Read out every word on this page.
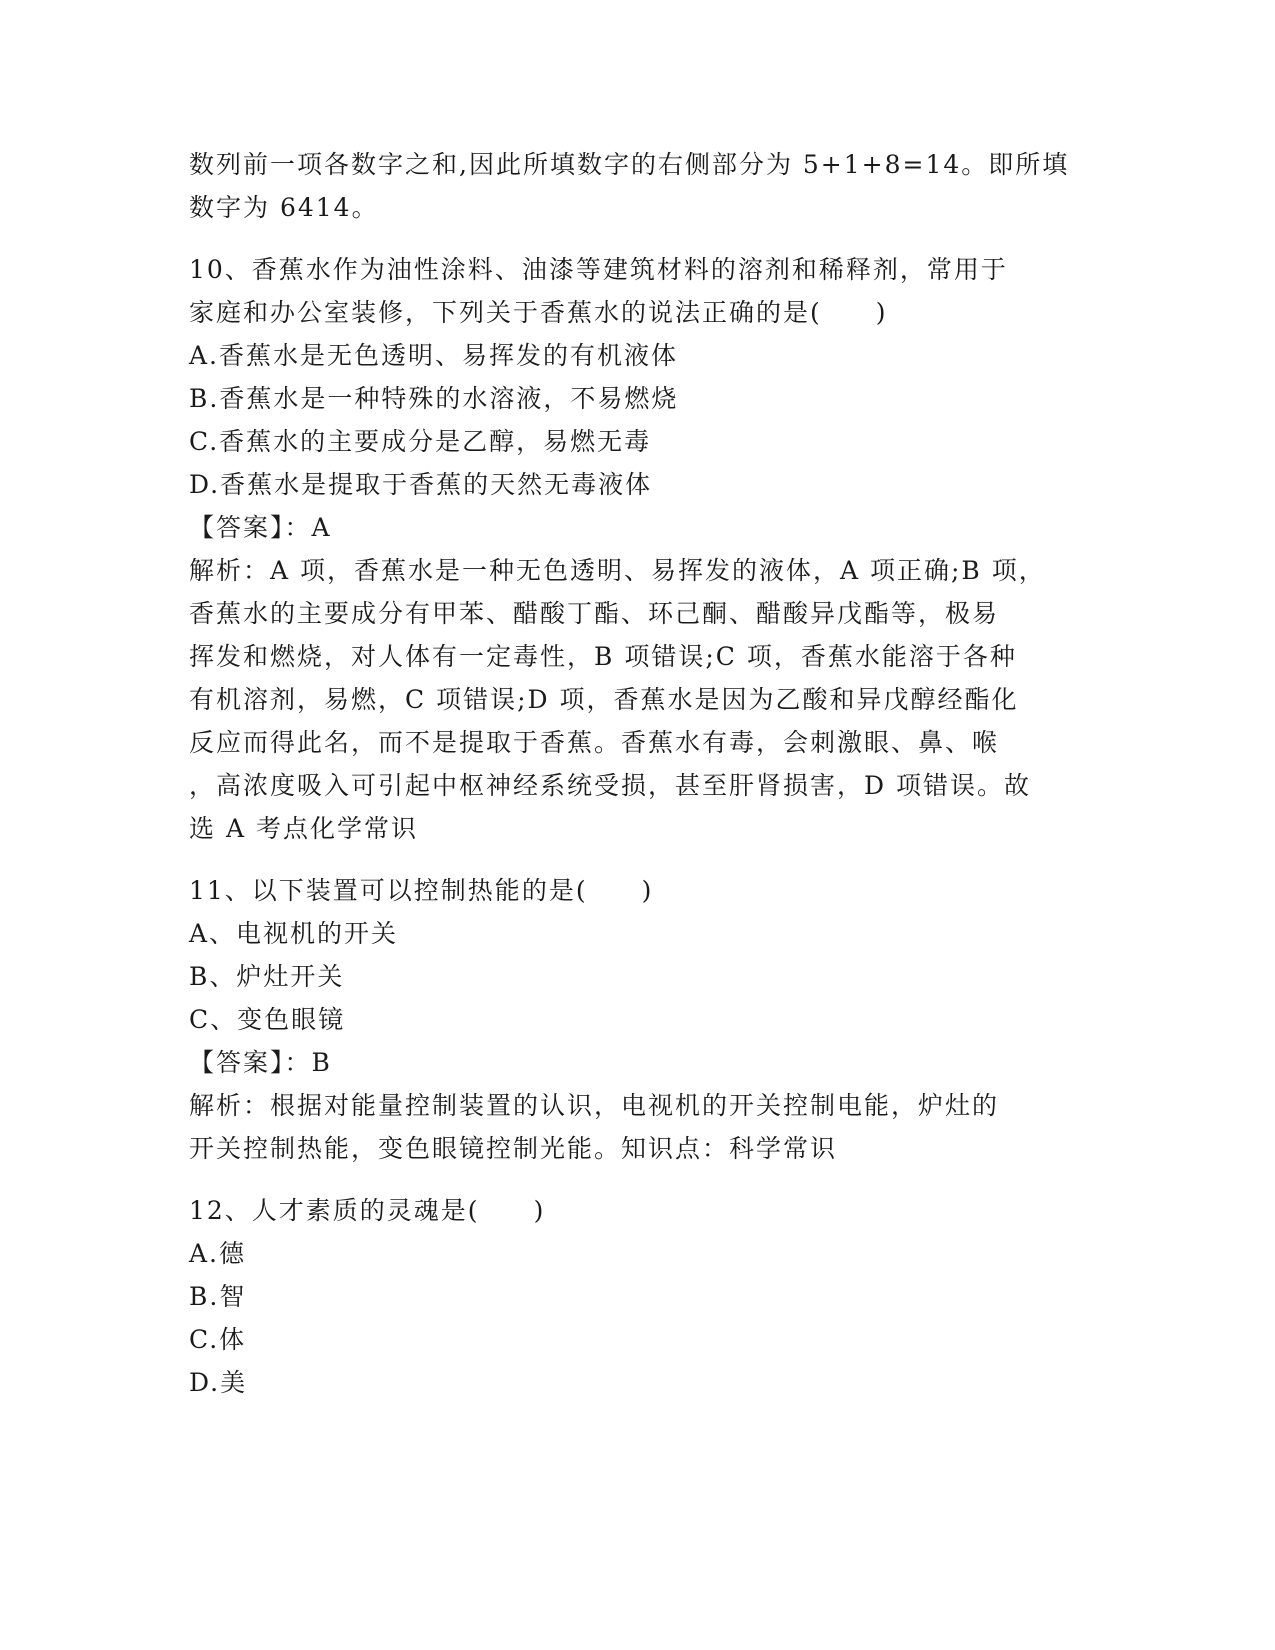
数列前一项各数字之和,因此所填数字的右侧部分为 5+1+8=14。即所填

数字为 6414。

10、香蕉水作为油性涂料、油漆等建筑材料的溶剂和稀释剂，常用于

家庭和办公室装修，下列关于香蕉水的说法正确的是(　　)

A.香蕉水是无色透明、易挥发的有机液体

B.香蕉水是一种特殊的水溶液，不易燃烧

C.香蕉水的主要成分是乙醇，易燃无毒

D.香蕉水是提取于香蕉的天然无毒液体

【答案】：A

解析：A 项，香蕉水是一种无色透明、易挥发的液体，A 项正确;B 项，

香蕉水的主要成分有甲苯、醋酸丁酯、环己酮、醋酸异戊酯等，极易

挥发和燃烧，对人体有一定毒性，B 项错误;C 项，香蕉水能溶于各种

有机溶剂，易燃，C 项错误;D 项，香蕉水是因为乙酸和异戊醇经酯化

反应而得此名，而不是提取于香蕉。香蕉水有毒，会刺激眼、鼻、喉

，高浓度吸入可引起中枢神经系统受损，甚至肝肾损害，D 项错误。故

选 A 考点化学常识

11、以下装置可以控制热能的是(　　)

A、电视机的开关

B、炉灶开关

C、变色眼镜

【答案】：B

解析：根据对能量控制装置的认识，电视机的开关控制电能，炉灶的

开关控制热能，变色眼镜控制光能。知识点：科学常识

12、人才素质的灵魂是(　　)

A.德

B.智

C.体

D.美
